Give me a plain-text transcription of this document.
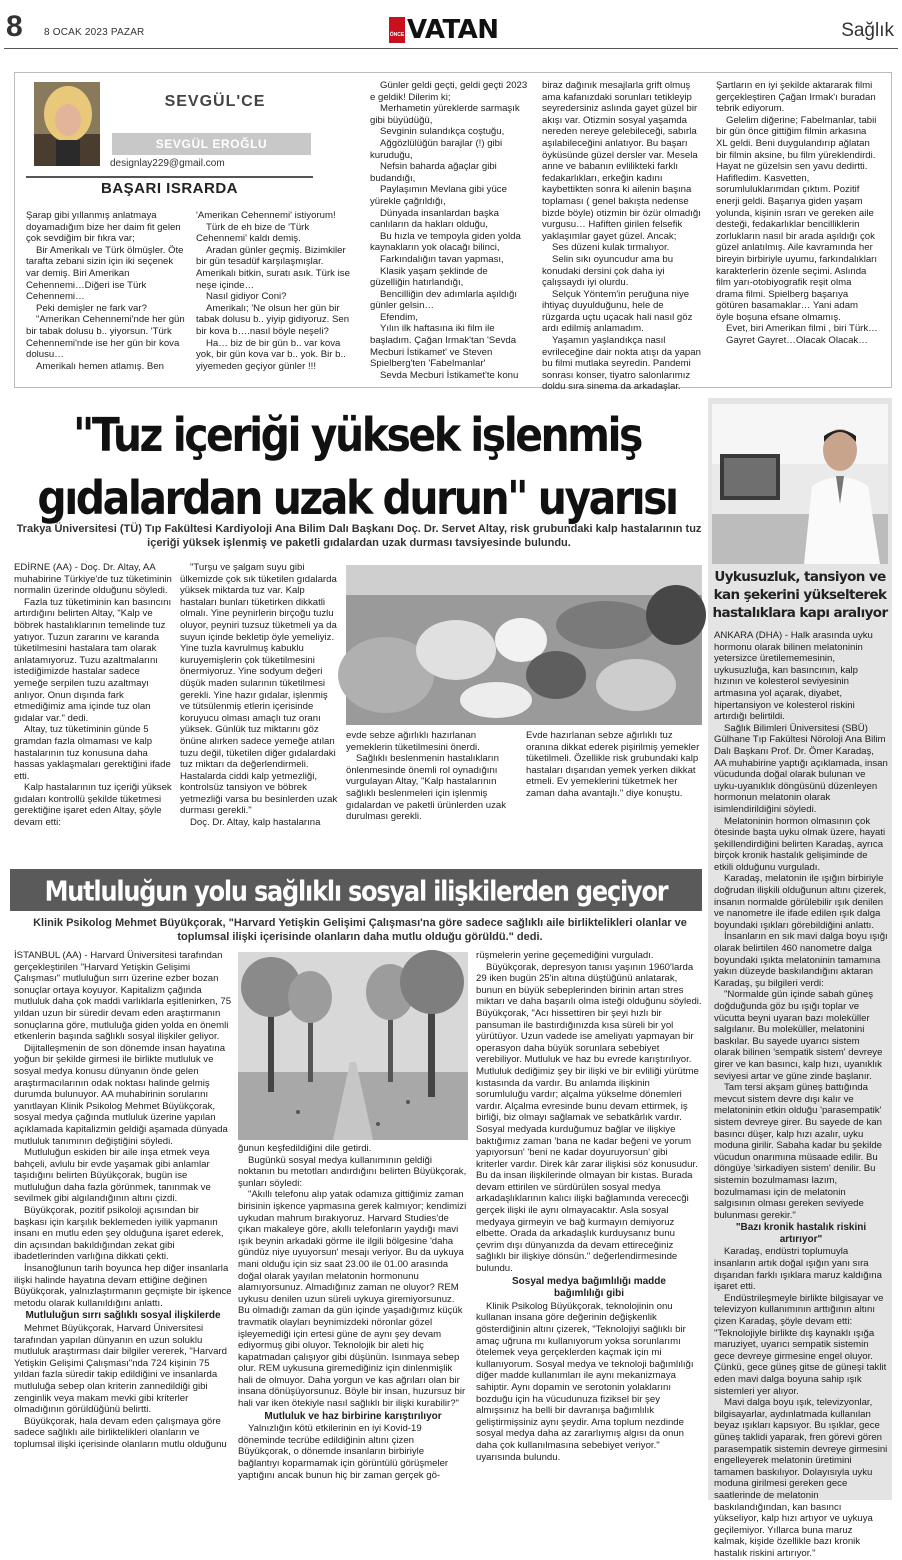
8 8 OCAK 2023 PAZAR	ÖNCE VATAN	Sağlık
SEVGÜL'CE
SEVGÜL EROĞLU
designlay229@gmail.com
BAŞARI ISRARDA

Şarap gibi yıllanmış anlatmaya doyamadığım bize her daim fit gelen çok sevdiğim bir fıkra var;

Bir Amerikalı ve Türk ölmüşler. Öte tarafta zebani sizin için iki seçenek var demiş. Biri Amerikan Cehennemi…Diğeri ise Türk Cehennemi…

Peki demişler ne fark var?

"Amerikan Cehennemi'nde her gün bir tabak dolusu b.. yiyorsun. 'Türk Cehennemi'nde ise her gün bir kova dolusu…

Amerikalı hemen atlamış. Ben

'Amerikan Cehennemi' istiyorum!

Türk de eh bize de 'Türk Cehennemi' kaldı demiş.

Aradan günler geçmiş. Bizimkiler bir gün tesadüf karşılaşmışlar. Amerikalı bitkin, suratı asık. Türk ise neşe içinde…

Nasıl gidiyor Coni?

Amerikalı; 'Ne olsun her gün bir tabak dolusu b.. yiyip gidiyoruz. Sen bir kova b….nasıl böyle neşeli?

Ha… biz de bir gün b.. var kova yok, bir gün kova var b.. yok. Bir b.. yiyemeden geçiyor günler !!!

Günler geldi geçti, geldi geçti 2023 e geldik! Dilerim ki;

Merhametin yüreklerde sarmaşık gibi büyüdüğü,

Sevginin sulandıkça coştuğu,

Ağgözlülüğün barajlar (!) gibi kuruduğu,

Nefsin baharda ağaçlar gibi budandığı,

Paylaşımın Mevlana gibi yüce yürekle çağrıldığı,

Dünyada insanlardan başka canlıların da hakları olduğu,

Bu hızla ve tempoyla giden yolda kaynakların yok olacağı bilinci,

Farkındalığın tavan yapması,

Klasik yaşam şeklinde de güzelliğin hatırlandığı,

Bencilliğin dev adımlarla aşıldığı günler gelsin…

Efendim,

Yılın ilk haftasına iki film ile başladım. Çağan Irmak'tan 'Sevda Mecburi İstikamet' ve Steven Spielberg'ten 'Fabelmanlar'

Sevda Mecburi İstikamet'te konu

biraz dağınık mesajlarla grift olmuş ama kafanızdaki sorunları tetikleyip seyredersiniz aslında gayet güzel bir akışı var. Otizmin sosyal yaşamda nereden nereye gelebileceği, sabırla aşılabileceğini anlatıyor. Bu başarı öyküsünde güzel dersler var. Mesela anne ve babanın evliliktekі farklı fedakarlıkları, erkeğin kadını kaybettikten sonra ki ailenin başına toplaması ( genel bakışta nedense bizde böyle) otizmin bir özür olmadığı vurgusu… Hafiften girilen felsefik yaklaşımlar gayet güzel. Ancak;

Ses düzeni kulak tırmalıyor.

Selin sıkı oyuncudur ama bu konudaki dersini çok daha iyi çalışsaydı iyi olurdu.

Selçuk Yöntem'in peruğuna niye ihtiyaç duyulduğunu, hele de rüzgarda uçtu uçacak hali nasıl göz ardı edilmiş anlamadım.

Yaşamın yaşlandıkça nasıl evrileceğine dair nokta atışı da yapan bu filmi mutlaka seyredin. Pandemi sonrası konser, tiyatro salonlarımız doldu sıra sinema da arkadaşlar.

Şartların en iyi şekilde aktararak filmi gerçekleştiren Çağan Irmak'ı buradan tebrik ediyorum.

Gelelim diğerine; Fabelmanlar, tabii bir gün önce gittiğim filmin arkasına XL geldi. Beni duygulandırıp ağlatan bir filmin aksine, bu film yüreklendirdi. Hayat ne güzelsin sen yavu dedirtti. Hafifledim. Kasvetten, sorumluluklarımdan çıktım. Pozitif enerji geldi. Başarıya giden yaşam yolunda, kişinin ısrarı ve gereken aile desteği, fedakarlıklar bencilliklerin zorlukların nasıl bir arada aşıldığı çok güzel anlatılmış. Aile kavramında her bireyin birbiriyle uyumu, farkındalıkları karakterlerin özenle seçimi. Aslında film yarı-otobiyografik reşit olma drama filmi. Spielberg başarıya götüren basamaklar… Yani adam öyle boşuna efsane olmamış.

Evet, biri Amerikan filmi , biri Türk…

Gayret Gayret…Olacak Olacak…

"Tuz içeriği yüksek işlenmiş
gıdalardan uzak durun" uyarısı
Trakya Üniversitesi (TÜ) Tıp Fakültesi Kardiyoloji Ana Bilim Dalı Başkanı Doç. Dr. Servet Altay, risk grubundaki kalp hastalarının tuz içeriği yüksek işlenmiş ve paketli gıdalardan uzak durması tavsiyesinde bulundu.

EDİRNE (AA) - Doç. Dr. Altay, AA muhabirine Türkiye'de tuz tüketiminin normalin üzerinde olduğunu söyledi.

Fazla tuz tüketiminin kan basıncını artırdığını belirten Altay, "Kalp ve böbrek hastalıklarının temelinde tuz yatıyor. Tuzun zararını ve karanda tüketilmesini hastalara tam olarak anlatamıyoruz. Tuzu azaltmalarını istediğimizde hastalar sadece yemeğe serpilen tuzu azaltmayı anlıyor. Onun dışında fark etmediğimiz ama içinde tuz olan gıdalar var." dedi.

Altay, tuz tüketiminin günde 5 gramdan fazla olmaması ve kalp hastalarının tuz konusuna daha hassas yaklaşmaları gerektiğini ifade etti.

Kalp hastalarının tuz içeriği yüksek gıdaları kontrollü şekilde tüketmesi gerektiğine işaret eden Altay, şöyle devam etti:

"Turşu ve şalgam suyu gibi ülkemizde çok sık tüketilen gıdalarda yüksek miktarda tuz var. Kalp hastaları bunları tüketirken dikkatli olmalı. Yine peynirlerin birçoğu tuzlu oluyor, peyniri tuzsuz tüketmeli ya da suyun içinde bekletip öyle yemeliyiz. Yine tuzla kavrulmuş kabuklu kuruyemişlerin çok tüketilmesini önermiyoruz. Yine sodyum değeri düşük maden sularının tüketilmesi gerekli. Yine hazır gıdalar, işlenmiş ve tütsülenmiş etlerin içerisinde koruyucu olması amaçlı tuz oranı yüksek. Günlük tuz miktarını göz önüne alırken sadece yemeğe atılan tuzu değil, tüketilen diğer gıdalardaki tuz miktarı da değerlendirmeli. Hastalarda ciddi kalp yetmezliği, kontrolsüz tansiyon ve böbrek yetmezliği varsa bu besinlerden uzak durması gerekli."

Doç. Dr. Altay, kalp hastalarına

evde sebze ağırlıklı hazırlanan yemeklerin tüketilmesini önerdi.

Sağlıklı beslenmenin hastalıkların önlenmesinde önemli rol oynadığını vurgulayan Altay, "Kalp hastalarının sağlıklı beslenmeleri için işlenmiş gıdalardan ve paketli ürünlerden uzak durulması gerekli.

Evde hazırlanan sebze ağırlıklı tuz oranına dikkat ederek pişirilmiş yemekler tüketilmeli. Özellikle risk grubundaki kalp hastaları dışarıdan yemek yerken dikkat etmeli. Ev yemeklerini tüketmek her zaman daha avantajlı." diye konuştu.

Mutluluğun yolu sağlıklı sosyal ilişkilerden geçiyor
Klinik Psikolog Mehmet Büyükçorak, "Harvard Yetişkin Gelişimi Çalışması'na göre sadece sağlıklı aile birliktelikleri olanlar ve toplumsal ilişki içerisinde olanların daha mutlu olduğu görüldü." dedi.

İSTANBUL (AA) - Harvard Üniversitesi tarafından gerçekleştirilen "Harvard Yetişkin Gelişimi Çalışması" mutluluğun sırrı üzerine ezber bozan sonuçlar ortaya koyuyor. Kapitalizm çağında mutluluk daha çok maddi varlıklarla eşitlenirken, 75 yıldan uzun bir süredir devam eden araştırmanın sonuçlarına göre, mutluluğa giden yolda en önemli etkenlerin başında sağlıklı sosyal ilişkiler geliyor.

Dijitalleşmenin de son dönemde insan hayatına yoğun bir şekilde girmesi ile birlikte mutluluk ve sosyal medya konusu dünyanın önde gelen araştırmacılarının odak noktası halinde gelmiş durumda bulunuyor. AA muhabirinin sorularını yanıtlayan Klinik Psikolog Mehmet Büyükçorak, sosyal medya çağında mutluluk üzerine yapılan açıklamada kapitalizmin geldiği aşamada dünyada mutluluk tanımının değiştiğini söyledi.

Mutluluğun eskiden bir aile inşa etmek veya bahçeli, avlulu bir evde yaşamak gibi anlamlar taşıdığını belirten Büyükçorak, bugün ise mutluluğun daha fazla görünmek, tanınmak ve sevilmek gibi algılandığının altını çizdi.

Büyükçorak, pozitif psikoloji açısından bir başkası için karşılık beklemeden iyilik yapmanın insanı en mutlu eden şey olduğuna işaret ederek, din açısından bakıldığından zekat gibi ibadetlerinden varlığına dikkati çekti.

İnsanoğlunun tarih boyunca hep diğer insanlarla ilişki halinde hayatına devam ettiğine değinen Büyükçorak, yalnızlaştırmanın geçmişte bir işkence metodu olarak kullanıldığını anlattı.

Mutluluğun sırrı sağlıklı sosyal ilişkilerde

Mehmet Büyükçorak, Harvard Üniversitesi tarafından yapılan dünyanın en uzun soluklu mutluluk araştırması dair bilgiler vererek, "Harvard Yetişkin Gelişimi Çalışması"nda 724 kişinin 75 yıldan fazla süredir takip edildiğini ve insanlarda mutluluğa sebep olan kriterin zannedildiği gibi zenginlik veya makam mevki gibi kriterler olmadığının görüldüğünü belirtti.

Büyükçorak, hala devam eden çalışmaya göre sadece sağlıklı aile birliktelikleri olanların ve toplumsal ilişki içerisinde olanların mutlu olduğunu

ğunun keşfedildiğini dile getirdi.

Bugünkü sosyal medya kullanımının geldiği noktanın bu metotları andırdığını belirten Büyükçorak, şunları söyledi:

"Akıllı telefonu alıp yatak odamıza gittiğimiz zaman birisinin işkence yapmasına gerek kalmıyor; kendimizi uykudan mahrum bırakıyoruz. Harvard Studies'de çıkan makaleye göre, akıllı telefonların yaydığı mavi ışık beynin arkadaki görme ile ilgili bölgesine 'daha gündüz niye uyuyorsun' mesajı veriyor. Bu da uykuya mani olduğu için siz saat 23.00 ile 01.00 arasında doğal olarak yayılan melatonin hormonunu alamıyorsunuz. Almadığınız zaman ne oluyor? REM uykusu denilen uzun süreli uykuya giremiyorsunuz. Bu olmadığı zaman da gün içinde yaşadığımız küçük travmatik olayları beynimizdeki nöronlar gözel işleyemediği için ertesi güne de aynı şey devam ediyormuş gibi oluyor. Teknolojik bir aleti hiç kapatmadan çalışıyor gibi düşünün. Isınmaya sebep olur. REM uykusuna giremediğiniz için dinlenmişlik hali de olmuyor. Daha yorgun ve kas ağrıları olan bir insana dönüşüyorsunuz. Böyle bir insan, huzursuz bir hali var iken ötekiyle nasıl sağlıklı bir ilişki kurabilir?"

Mutluluk ve haz birbirine karıştırılıyor

Yalnızlığın kötü etkilerinin en iyi Kovid-19 döneminde tecrübe edildiğinin altını çizen Büyükçorak, o dönemde insanların birbiriyle bağlantıyı koparmamak için görüntülü görüşmeler yaptığını ancak bunun hiç bir zaman gerçek gö-

rüşmelerin yerine geçemediğini vurguladı.

Büyükçorak, depresyon tanısı yaşının 1960'larda 29 iken bugün 25'in altına düştüğünü anlatarak, bunun en büyük sebeplerinden birinin artan stres miktarı ve daha başarılı olma isteği olduğunu söyledi. Büyükçorak, "Acı hissettiren bir şeyi hızlı bir pansuman ile bastırdığınızda kısa süreli bir yol yürütüyor. Uzun vadede ise ameliyatı yapmayan bir operasyon daha büyük sorunlara sebebiyet verebiliyor. Mutluluk ve haz bu evrede karıştırılıyor. Mutluluk dediğimiz şey bir ilişki ve bir evliliği yürütme kıstasında da vardır. Bu anlamda ilişkinin sorumluluğu vardır; alçalma yükselme dönemleri vardır. Alçalma evresinde bunu devam ettirmek, iş birliği, biz olmayı sağlamak ve sebatkârlık vardır. Sosyal medyada kurduğumuz bağlar ve ilişkiye baktığımız zaman 'bana ne kadar beğeni ve yorum yapıyorsun' 'beni ne kadar doyuruyorsun' gibi kriterler vardır. Direk kâr zarar ilişkisi söz konusudur. Bu da insan ilişkilerinde olmayan bir kıstas. Burada devam ettirilen ve sürdürülen sosyal medya arkadaşlıklarının kalıcı ilişki bağlamında verececği gerçek ilişki ile aynı olmayacaktır. Asla sosyal medyaya girmeyin ve bağ kurmayın demiyoruz elbette. Orada da arkadaşlık kurduysanız bunu çevrim dışı dünyanızda da devam ettireceğiniz sağlıklı bir ilişkiye dönsün." değerlendirmesinde bulundu.

Sosyal medya bağımlılığı madde

bağımlılığı gibi

Klinik Psikolog Büyükçorak, teknolojinin onu kullanan insana göre değerinin değişkenlik gösterdiğinin altını çizerek, "Teknolojiyi sağlıklı bir amaç uğruna mı kullanıyorum yoksa sorunlarımı ötelemek veya gerçeklerden kaçmak için mi kullanıyorum. Sosyal medya ve teknoloji bağımlılığı diğer madde kullanımları ile aynı mekanizmaya sahiptir. Aynı dopamin ve serotonin yolaklarını bozduğu için ha vücudunuza fiziksel bir şey almışsınız ha belli bir davranışa bağımlılık geliştirmişsiniz aynı şeydir. Ama toplum nezdinde sosyal medya daha az zararlıymış algısı da onun daha çok kullanılmasına sebebiyet veriyor." uyarısında bulundu.

Uykusuzluk, tansiyon ve
kan şekerini yükselterek
hastalıklara kapı aralıyor

ANKARA (DHA) - Halk arasında uyku hormonu olarak bilinen melatoninin yetersizce üretilememesinin, uykusuzluğa, kan basıncının, kalp hızının ve kolesterol seviyesinin artmasına yol açarak, diyabet, hipertansiyon ve kolesterol riskini artırdığı belirtildi.

Sağlık Bilimleri Üniversitesi (SBÜ) Gülhane Tıp Fakültesi Nöroloji Ana Bilim Dalı Başkanı Prof. Dr. Ömer Karadaş, AA muhabirine yaptığı açıklamada, insan vücudunda doğal olarak bulunan ve uyku-uyanıklık döngüsünü düzenleyen hormonun melatonin olarak isimlendirildiğini söyledi.

Melatoninin hormon olmasının çok ötesinde başta uyku olmak üzere, hayati şekillendirdiğini belirten Karadaş, ayrıca birçok kronik hastalık gelişiminde de etkili olduğunu vurguladı.

Karadaş, melatonin ile ışığın birbiriyle doğrudan ilişkili olduğunun altını çizerek, insanın normalde görülebilir ışık denilen ve nanometre ile ifade edilen ışık dalga boyundaki ışıkları görebildiğini anlattı.

İnsanların en sık mavi dalga boyu ışığı olarak belirtilen 460 nanometre dalga boyundaki ışıkta melatoninin tamamına yakın düzeyde baskılandığını aktaran Karadaş, şu bilgileri verdi:

"Normalde gün içinde sabah güneş doğduğunda göz bu ışığı toplar ve vücutta beyni uyaran bazı moleküller salgılanır. Bu moleküller, melatonini baskılar. Bu sayede uyarıcı sistem olarak bilinen 'sempatik sistem' devreye girer ve kan basıncı, kalp hızı, uyanıklık seviyesi artar ve güne zinde başlanır.

Tam tersi akşam güneş battığında mevcut sistem devre dışı kalır ve melatoninin etkin olduğu 'parasempatik' sistem devreye girer. Bu sayede de kan basıncı düşer, kalp hızı azalır, uyku moduna girilir. Sabaha kadar bu şekilde vücudun onarımına müsaade edilir. Bu döngüye 'sirkadiyen sistem' denilir. Bu sistemin bozulmaması lazım, bozulmaması için de melatonin salgısının olması gereken seviyede bulunması gerekir."

"Bazı kronik hastalık riskini artırıyor"

Karadaş, endüstri toplumuyla insanların artık doğal ışığın yanı sıra dışarıdan farklı ışıklara maruz kaldığına işaret etti.

Endüstrileşmeyle birlikte bilgisayar ve televizyon kullanımının arttığının altını çizen Karadaş, şöyle devam etti: "Teknolojiyle birlikte dış kaynaklı ışığa maruziyet, uyarıcı sempatik sistemin gece devreye girmesine engel oluyor. Çünkü, gece güneş gitse de güneşi taklit eden mavi dalga boyuna sahip ışık sistemleri yer alıyor.

Mavi dalga boyu ışık, televizyonlar, bilgisayarlar, aydınlatmada kullanılan beyaz ışıkları kapsıyor. Bu ışıklar, gece güneş taklidi yaparak, fren görevi gören parasempatik sistemin devreye girmesini engelleyerek melatonin üretimini tamamen baskılıyor. Dolayısıyla uyku moduna girilmesi gereken gece saatlerinde de melatonin baskılandığından, kan basıncı yükseliyor, kalp hızı artıyor ve uykuya geçilemiyor. Yıllarca buna maruz kalmak, kişide özellikle bazı kronik hastalık riskini artırıyor."
